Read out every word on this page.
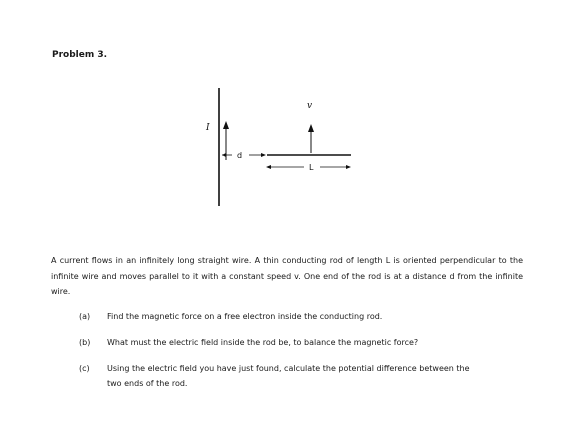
Problem 3.
I
d
v
L

A current flows in an infinitely long straight wire. A thin conducting rod of length L is oriented perpendicular to the infinite wire and moves parallel to it with a constant speed v. One end of the rod is at a distance d from the infinite wire.

(a) Find the magnetic force on a free electron inside the conducting rod.

(b) What must the electric field inside the rod be, to balance the magnetic force?

(c) Using the electric field you have just found, calculate the potential difference between the
two ends of the rod.
